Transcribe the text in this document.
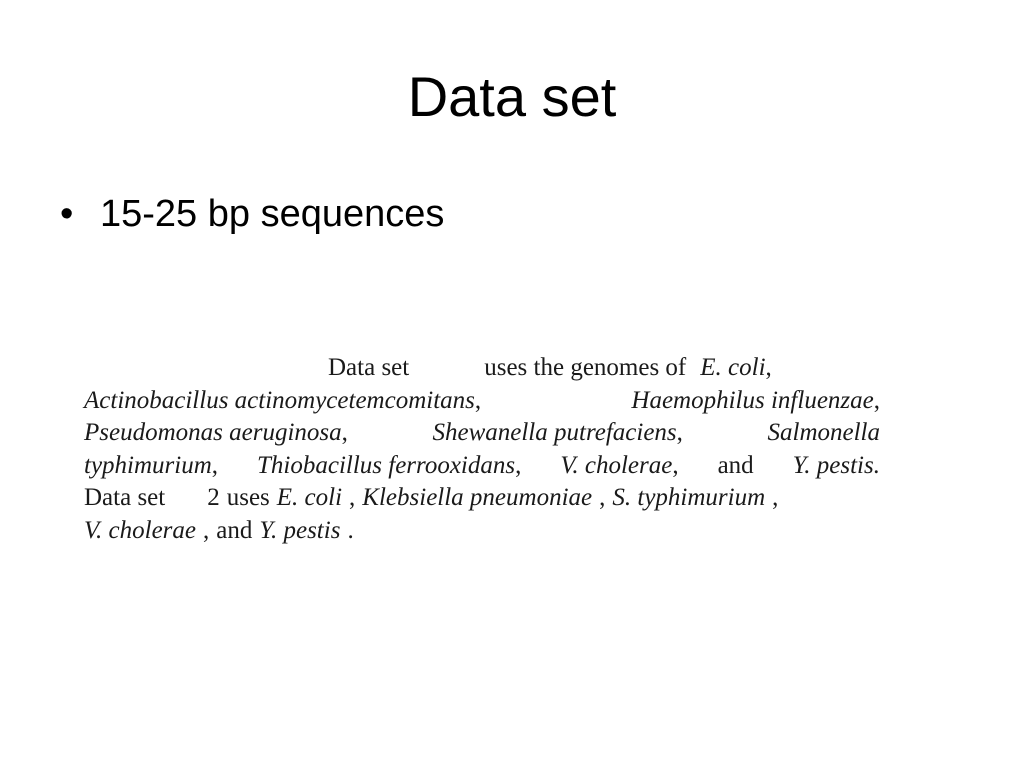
Data set
• 15-25 bp sequences
Data set	uses the genomes of E. coli ,
Actinobacillus actinomycetemcomitans,	Haemophilus influenzae,
Pseudomonas aeruginosa,	Shewanella putrefaciens,	Salmonella
typhimurium, Thiobacillus ferrooxidans, V. cholerae, and Y. pestis.
Data set 2 uses E. coli , Klebsiella pneumoniae , S. typhimurium ,
V. cholerae , and Y. pestis .
